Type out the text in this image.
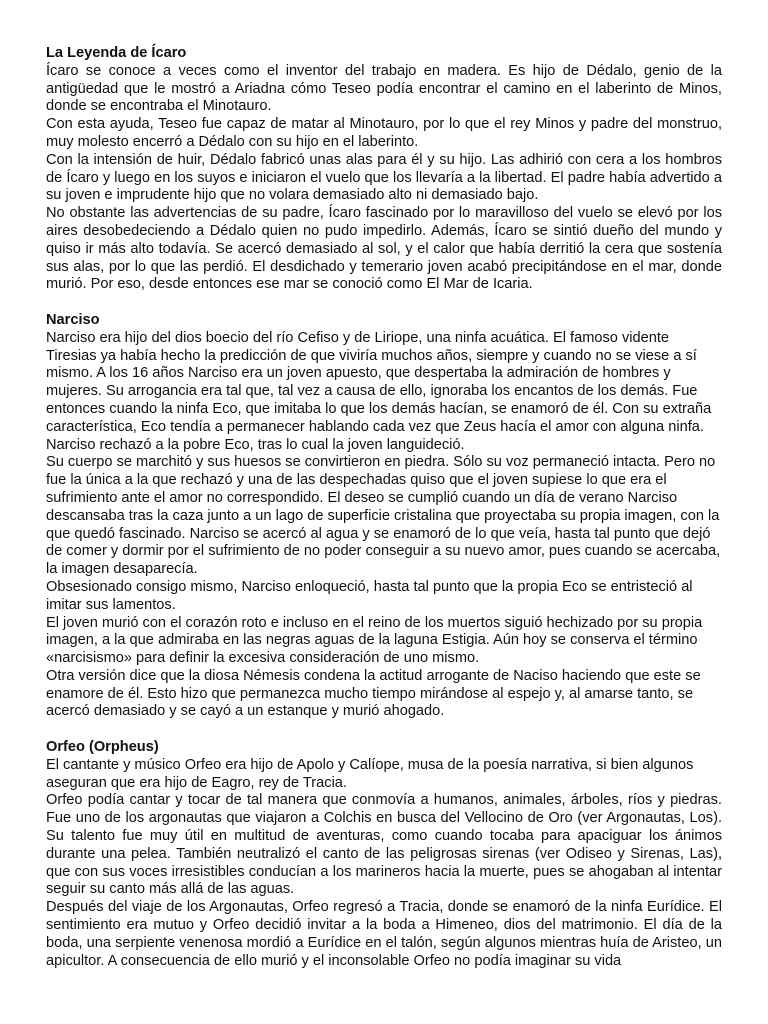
La Leyenda de Ícaro

Ícaro se conoce a veces como el inventor del trabajo en madera. Es hijo de Dédalo, genio de la antigüedad que le mostró a Ariadna cómo Teseo podía encontrar el camino en el laberinto de Minos, donde se encontraba el Minotauro.

Con esta ayuda, Teseo fue capaz de matar al Minotauro, por lo que el rey Minos y padre del monstruo, muy molesto encerró a Dédalo con su hijo en el laberinto.

Con la intensión de huir, Dédalo fabricó unas alas para él y su hijo. Las adhirió con cera a los hombros de Ícaro y luego en los suyos e iniciaron el vuelo que los llevaría a la libertad. El padre había advertido a su joven e imprudente hijo que no volara demasiado alto ni demasiado bajo.

No obstante las advertencias de su padre, Ícaro fascinado por lo maravilloso del vuelo se elevó por los aires desobedeciendo a Dédalo quien no pudo impedirlo. Además, Ícaro se sintió dueño del mundo y quiso ir más alto todavía. Se acercó demasiado al sol, y el calor que había derritió la cera que sostenía sus alas, por lo que las perdió. El desdichado y temerario joven acabó precipitándose en el mar, donde murió. Por eso, desde entonces ese mar se conoció como El Mar de Icaria.

Narciso

Narciso era hijo del dios boecio del río Cefiso y de Liriope, una ninfa acuática. El famoso vidente Tiresias ya había hecho la predicción de que viviría muchos años, siempre y cuando no se viese a sí mismo. A los 16 años Narciso era un joven apuesto, que despertaba la admiración de hombres y mujeres. Su arrogancia era tal que, tal vez a causa de ello, ignoraba los encantos de los demás. Fue entonces cuando la ninfa Eco, que imitaba lo que los demás hacían, se enamoró de él. Con su extraña característica, Eco tendía a permanecer hablando cada vez que Zeus hacía el amor con alguna ninfa. Narciso rechazó a la pobre Eco, tras lo cual la joven languideció.

Su cuerpo se marchitó y sus huesos se convirtieron en piedra. Sólo su voz permaneció intacta. Pero no fue la única a la que rechazó y una de las despechadas quiso que el joven supiese lo que era el sufrimiento ante el amor no correspondido. El deseo se cumplió cuando un día de verano Narciso descansaba tras la caza junto a un lago de superficie cristalina que proyectaba su propia imagen, con la que quedó fascinado. Narciso se acercó al agua y se enamoró de lo que veía, hasta tal punto que dejó de comer y dormir por el sufrimiento de no poder conseguir a su nuevo amor, pues cuando se acercaba, la imagen desaparecía.

Obsesionado consigo mismo, Narciso enloqueció, hasta tal punto que la propia Eco se entristeció al imitar sus lamentos.

El joven murió con el corazón roto e incluso en el reino de los muertos siguió hechizado por su propia imagen, a la que admiraba en las negras aguas de la laguna Estigia. Aún hoy se conserva el término «narcisismo» para definir la excesiva consideración de uno mismo.

Otra versión dice que la diosa Némesis condena la actitud arrogante de Naciso haciendo que este se enamore de él. Esto hizo que permanezca mucho tiempo mirándose al espejo y, al amarse tanto, se acercó demasiado y se cayó a un estanque y murió ahogado.

Orfeo (Orpheus)

El cantante y músico Orfeo era hijo de Apolo y Calíope, musa de la poesía narrativa, si bien algunos aseguran que era hijo de Eagro, rey de Tracia.

Orfeo podía cantar y tocar de tal manera que conmovía a humanos, animales, árboles, ríos y piedras. Fue uno de los argonautas que viajaron a Colchis en busca del Vellocino de Oro (ver Argonautas, Los). Su talento fue muy útil en multitud de aventuras, como cuando tocaba para apaciguar los ánimos durante una pelea. También neutralizó el canto de las peligrosas sirenas (ver Odiseo y Sirenas, Las), que con sus voces irresistibles conducían a los marineros hacia la muerte, pues se ahogaban al intentar seguir su canto más allá de las aguas.

Después del viaje de los Argonautas, Orfeo regresó a Tracia, donde se enamoró de la ninfa Eurídice. El sentimiento era mutuo y Orfeo decidió invitar a la boda a Himeneo, dios del matrimonio. El día de la boda, una serpiente venenosa mordió a Eurídice en el talón, según algunos mientras huía de Aristeo, un apicultor. A consecuencia de ello murió y el inconsolable Orfeo no podía imaginar su vida
